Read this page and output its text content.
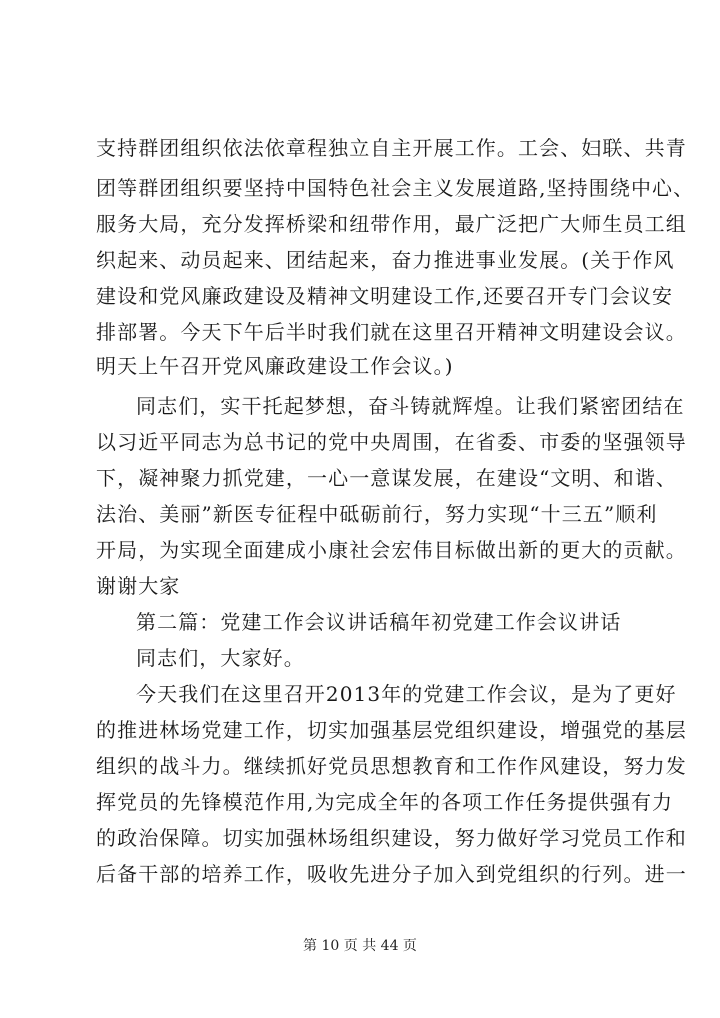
支持群团组织依法依章程独立自主开展工作。工会、妇联、共青
团等群团组织要坚持中国特色社会主义发展道路,坚持围绕中心、
服务大局，充分发挥桥梁和纽带作用，最广泛把广大师生员工组
织起来、动员起来、团结起来，奋力推进事业发展。(关于作风
建设和党风廉政建设及精神文明建设工作,还要召开专门会议安
排部署。今天下午后半时我们就在这里召开精神文明建设会议。
明天上午召开党风廉政建设工作会议。)
同志们，实干托起梦想，奋斗铸就辉煌。让我们紧密团结在
以习近平同志为总书记的党中央周围，在省委、市委的坚强领导
下，凝神聚力抓党建，一心一意谋发展，在建设“文明、和谐、
法治、美丽”新医专征程中砥砺前行，努力实现“十三五”顺利
开局，为实现全面建成小康社会宏伟目标做出新的更大的贡献。
谢谢大家
第二篇：党建工作会议讲话稿年初党建工作会议讲话
同志们，大家好。
今天我们在这里召开2013年的党建工作会议，是为了更好
的推进林场党建工作，切实加强基层党组织建设，增强党的基层
组织的战斗力。继续抓好党员思想教育和工作作风建设，努力发
挥党员的先锋模范作用,为完成全年的各项工作任务提供强有力
的政治保障。切实加强林场组织建设，努力做好学习党员工作和
后备干部的培养工作，吸收先进分子加入到党组织的行列。进一
第 10 页 共 44 页
